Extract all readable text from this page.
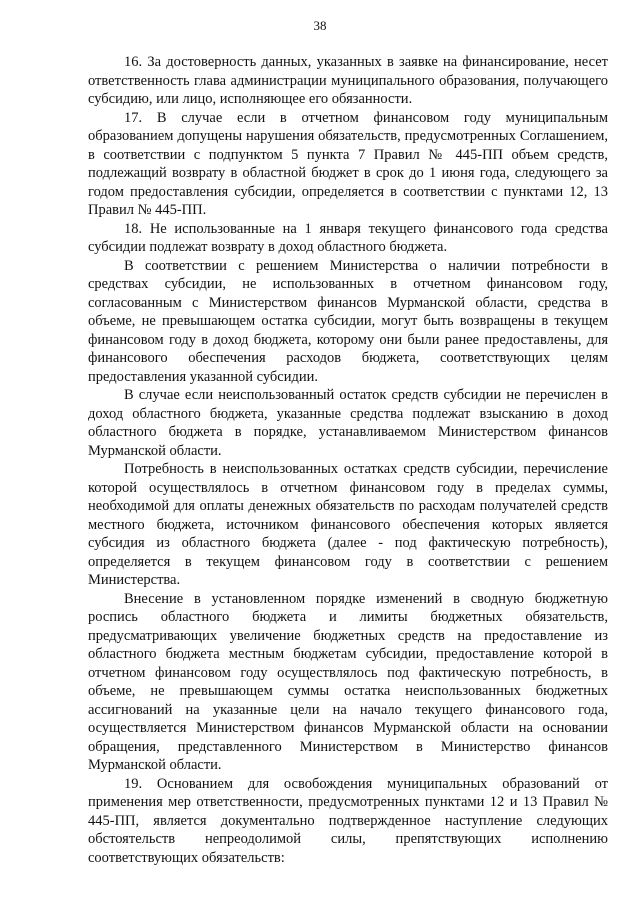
38

16. За достоверность данных, указанных в заявке на финансирование, несет ответственность глава администрации муниципального образования, получающего субсидию, или лицо, исполняющее его обязанности.

17. В случае если в отчетном финансовом году муниципальным образованием допущены нарушения обязательств, предусмотренных Соглашением, в соответствии с подпунктом 5 пункта 7 Правил № 445-ПП объем средств, подлежащий возврату в областной бюджет в срок до 1 июня года, следующего за годом предоставления субсидии, определяется в соответствии с пунктами 12, 13 Правил № 445-ПП.

18. Не использованные на 1 января текущего финансового года средства субсидии подлежат возврату в доход областного бюджета.

В соответствии с решением Министерства о наличии потребности в средствах субсидии, не использованных в отчетном финансовом году, согласованным с Министерством финансов Мурманской области, средства в объеме, не превышающем остатка субсидии, могут быть возвращены в текущем финансовом году в доход бюджета, которому они были ранее предоставлены, для финансового обеспечения расходов бюджета, соответствующих целям предоставления указанной субсидии.

В случае если неиспользованный остаток средств субсидии не перечислен в доход областного бюджета, указанные средства подлежат взысканию в доход областного бюджета в порядке, устанавливаемом Министерством финансов Мурманской области.

Потребность в неиспользованных остатках средств субсидии, перечисление которой осуществлялось в отчетном финансовом году в пределах суммы, необходимой для оплаты денежных обязательств по расходам получателей средств местного бюджета, источником финансового обеспечения которых является субсидия из областного бюджета (далее - под фактическую потребность), определяется в текущем финансовом году в соответствии с решением Министерства.

Внесение в установленном порядке изменений в сводную бюджетную роспись областного бюджета и лимиты бюджетных обязательств, предусматривающих увеличение бюджетных средств на предоставление из областного бюджета местным бюджетам субсидии, предоставление которой в отчетном финансовом году осуществлялось под фактическую потребность, в объеме, не превышающем суммы остатка неиспользованных бюджетных ассигнований на указанные цели на начало текущего финансового года, осуществляется Министерством финансов Мурманской области на основании обращения, представленного Министерством в Министерство финансов Мурманской области.

19. Основанием для освобождения муниципальных образований от применения мер ответственности, предусмотренных пунктами 12 и 13 Правил № 445-ПП, является документально подтвержденное наступление следующих обстоятельств непреодолимой силы, препятствующих исполнению соответствующих обязательств:
